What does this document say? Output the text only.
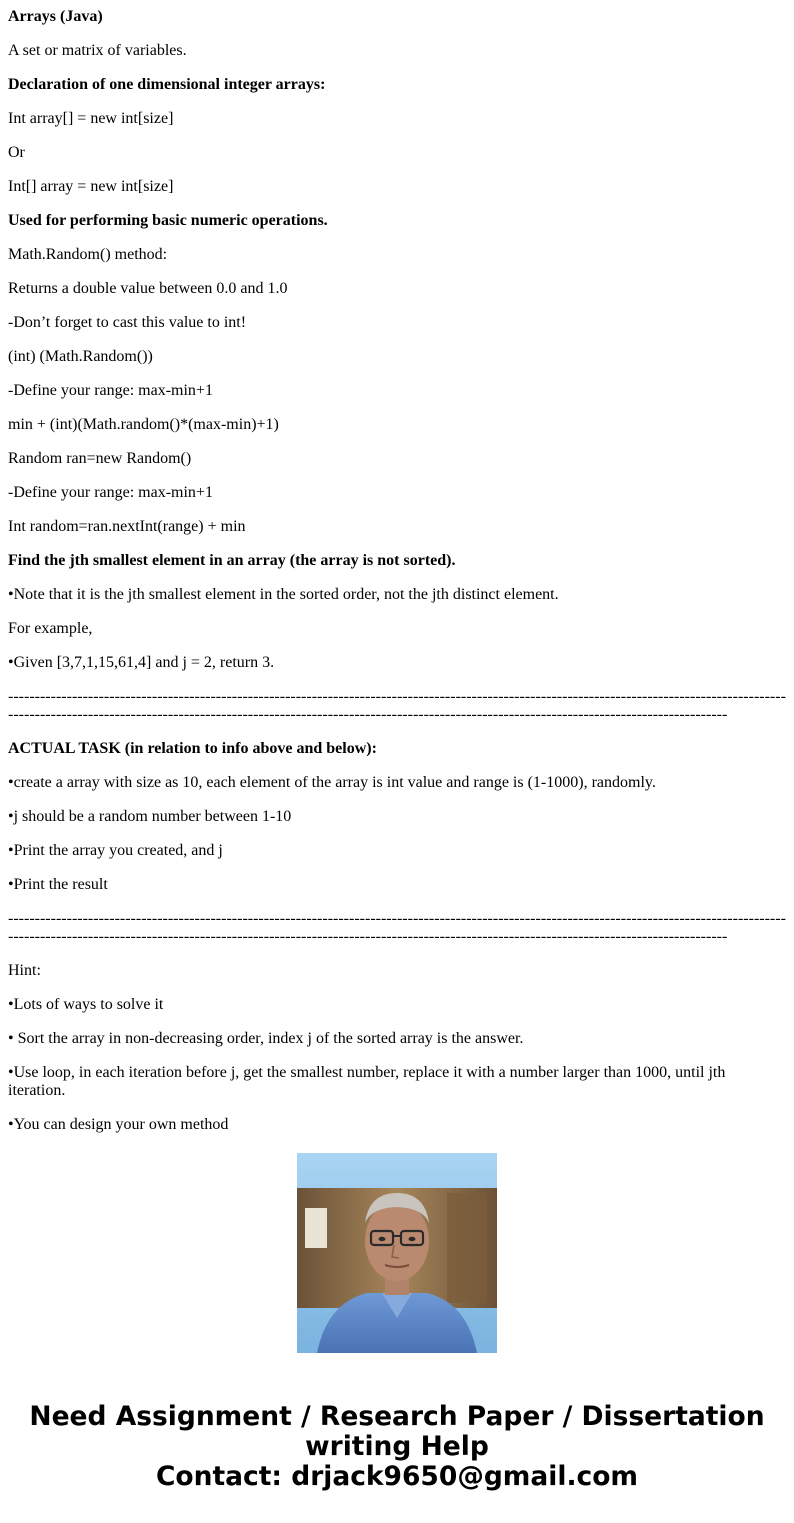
Arrays (Java)

A set or matrix of variables.

Declaration of one dimensional integer arrays:

Int array[] = new int[size]

Or

Int[] array = new int[size]

Used for performing basic numeric operations.

Math.Random() method:

Returns a double value between 0.0 and 1.0

-Don’t forget to cast this value to int!

(int) (Math.Random())

-Define your range: max-min+1

min + (int)(Math.random()*(max-min)+1)

Random ran=new Random()

-Define your range: max-min+1

Int random=ran.nextInt(range) + min

Find the jth smallest element in an array (the array is not sorted).

•Note that it is the jth smallest element in the sorted order, not the jth distinct element.

For example,

•Given [3,7,1,15,61,4] and j = 2, return 3.

-----------------------------------------------------------------------------------------------------------------------------------------------------------------------------------------------------------------------------------------------------------------------------------------

ACTUAL TASK (in relation to info above and below):

•create a array with size as 10, each element of the array is int value and range is (1-1000), randomly.

•j should be a random number between 1-10

•Print the array you created, and j

•Print the result

-----------------------------------------------------------------------------------------------------------------------------------------------------------------------------------------------------------------------------------------------------------------------------------------

Hint:

•Lots of ways to solve it

• Sort the array in non-decreasing order, index j of the sorted array is the answer.

•Use loop, in each iteration before j, get the smallest number, replace it with a number larger than 1000, until jth iteration.

•You can design your own method

Need Assignment / Research Paper / Dissertation
writing Help
Contact: drjack9650@gmail.com
